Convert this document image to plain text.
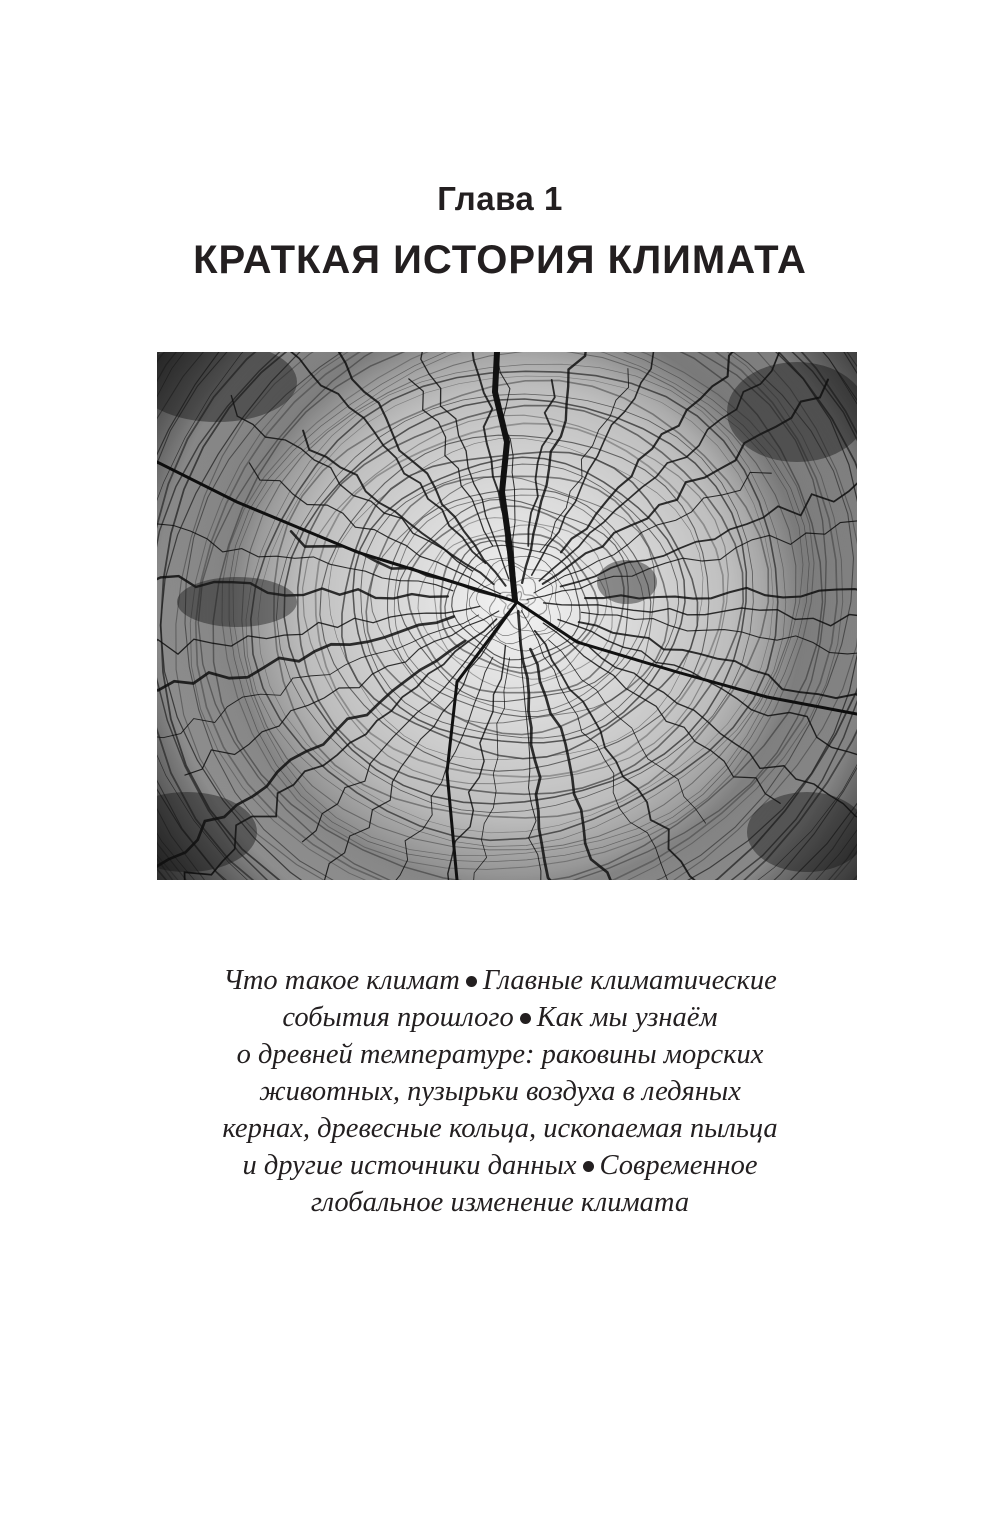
Глава 1
КРАТКАЯ ИСТОРИЯ КЛИМАТА
Что такое климат Главные климатические
события прошлого Как мы узнаём
о древней температуре: раковины морских
животных, пузырьки воздуха в ледяных
кернах, древесные кольца, ископаемая пыльца
и другие источники данных Современное
глобальное изменение климата
